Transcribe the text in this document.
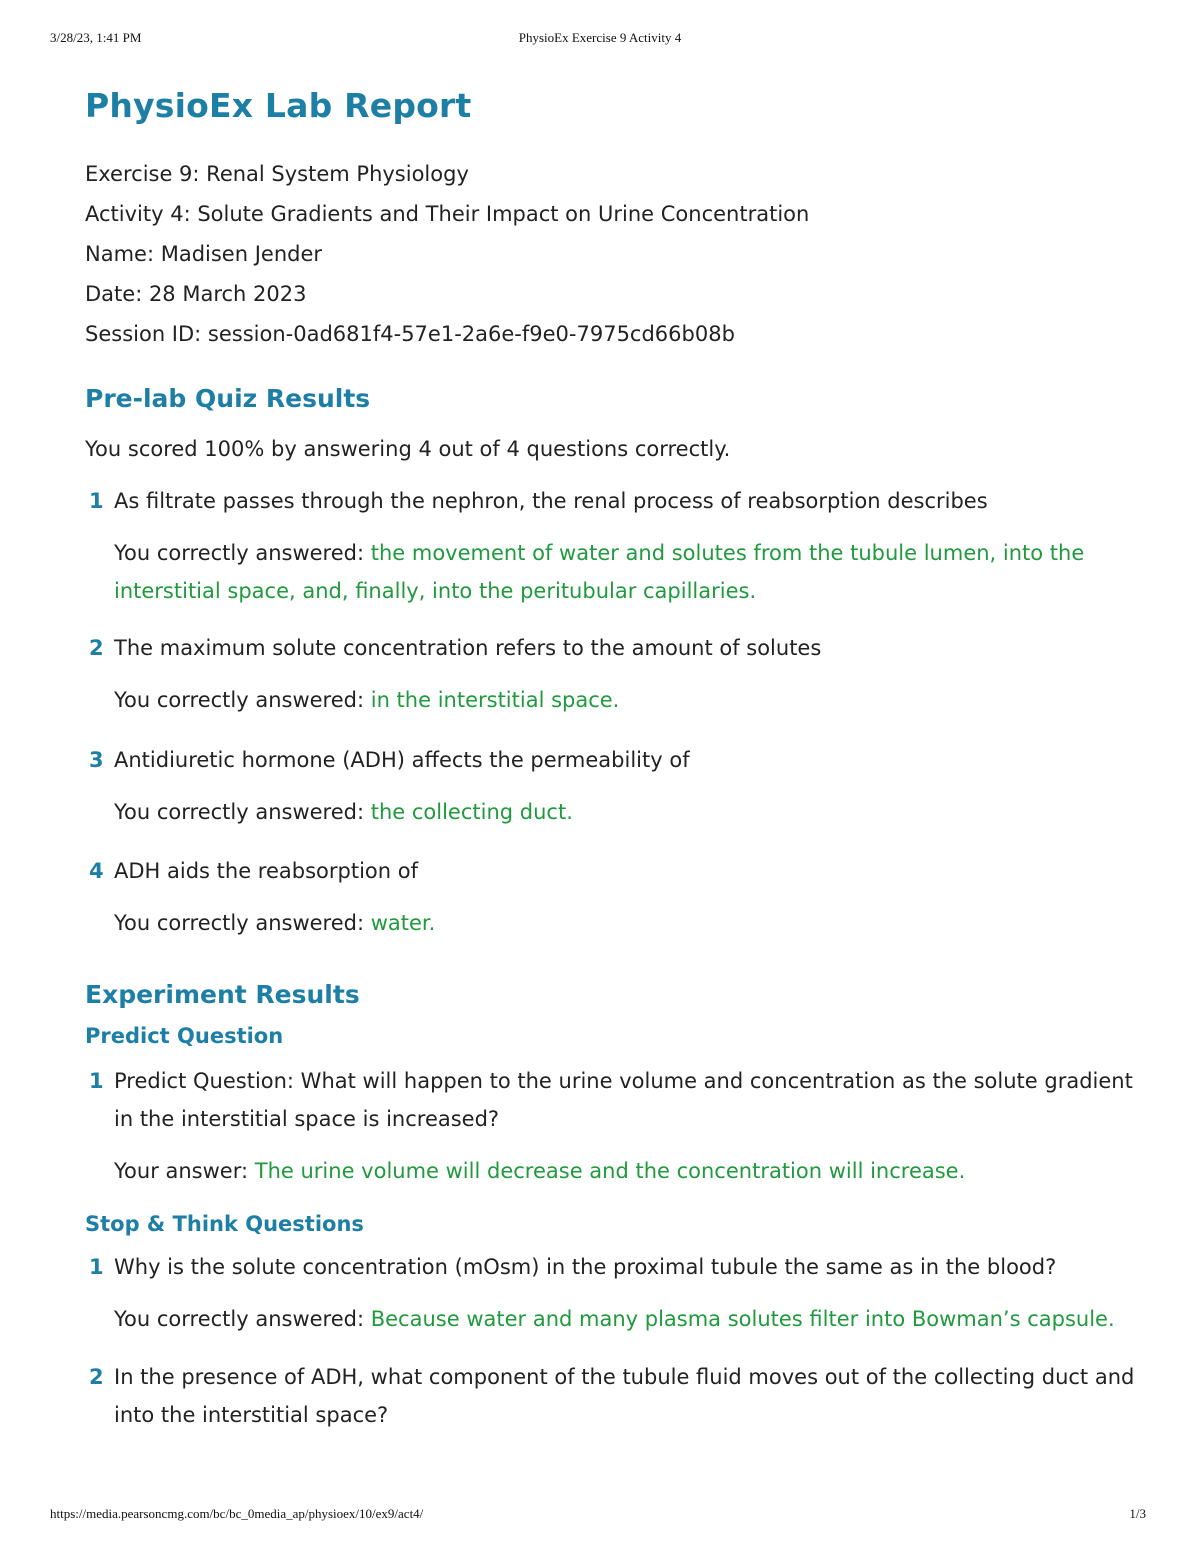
3/28/23, 1:41 PM	PhysioEx Exercise 9 Activity 4
PhysioEx Lab Report

Exercise 9: Renal System Physiology

Activity 4: Solute Gradients and Their Impact on Urine Concentration

Name: Madisen Jender

Date: 28 March 2023

Session ID: session-0ad681f4-57e1-2a6e-f9e0-7975cd66b08b

Pre-lab Quiz Results

You scored 100% by answering 4 out of 4 questions correctly.

1 As filtrate passes through the nephron, the renal process of reabsorption describes
You correctly answered: the movement of water and solutes from the tubule lumen, into the interstitial space, and, finally, into the peritubular capillaries.
2 The maximum solute concentration refers to the amount of solutes
You correctly answered: in the interstitial space.
3 Antidiuretic hormone (ADH) affects the permeability of
You correctly answered: the collecting duct.
4 ADH aids the reabsorption of
You correctly answered: water.
Experiment Results
Predict Question
1 Predict Question: What will happen to the urine volume and concentration as the solute gradient in the interstitial space is increased?
Your answer: The urine volume will decrease and the concentration will increase.
Stop & Think Questions
1 Why is the solute concentration (mOsm) in the proximal tubule the same as in the blood?
You correctly answered: Because water and many plasma solutes filter into Bowman’s capsule.
2 In the presence of ADH, what component of the tubule fluid moves out of the collecting duct and into the interstitial space?
https://media.pearsoncmg.com/bc/bc_0media_ap/physioex/10/ex9/act4/	1/3
